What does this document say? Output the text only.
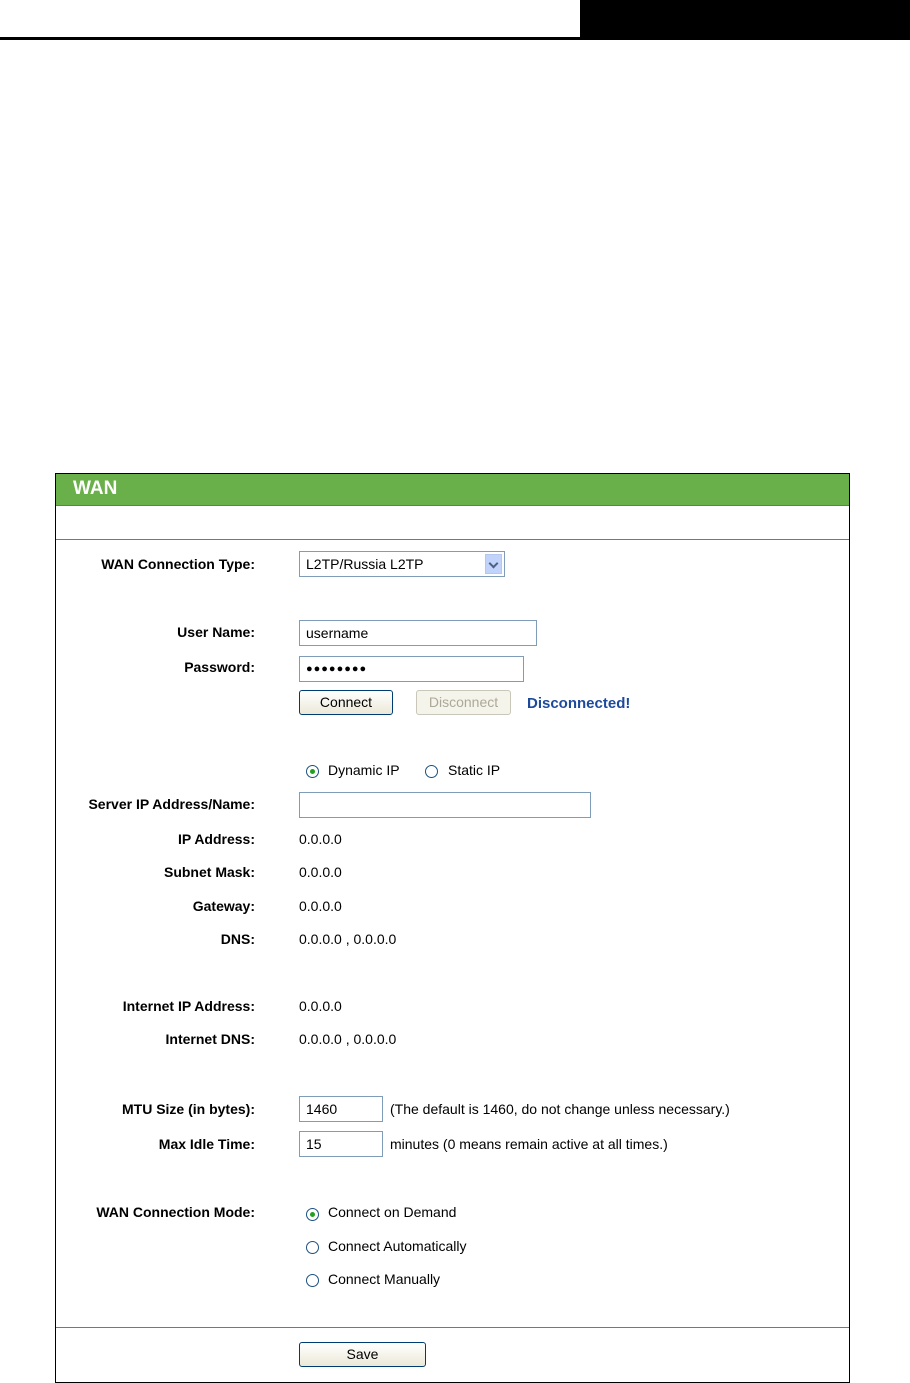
WAN
WAN Connection Type:	L2TP/Russia L2TP
User Name:	username
Password:	●●●●●●●●
Connect	Disconnect	Disconnected!
Dynamic IP	Static IP
Server IP Address/Name:
IP Address:	0.0.0.0
Subnet Mask:	0.0.0.0
Gateway:	0.0.0.0
DNS:	0.0.0.0 , 0.0.0.0
Internet IP Address:	0.0.0.0
Internet DNS:	0.0.0.0 , 0.0.0.0
MTU Size (in bytes):	1460	(The default is 1460, do not change unless necessary.)
Max Idle Time:	15	minutes (0 means remain active at all times.)
WAN Connection Mode:	Connect on Demand
Connect Automatically
Connect Manually
Save
